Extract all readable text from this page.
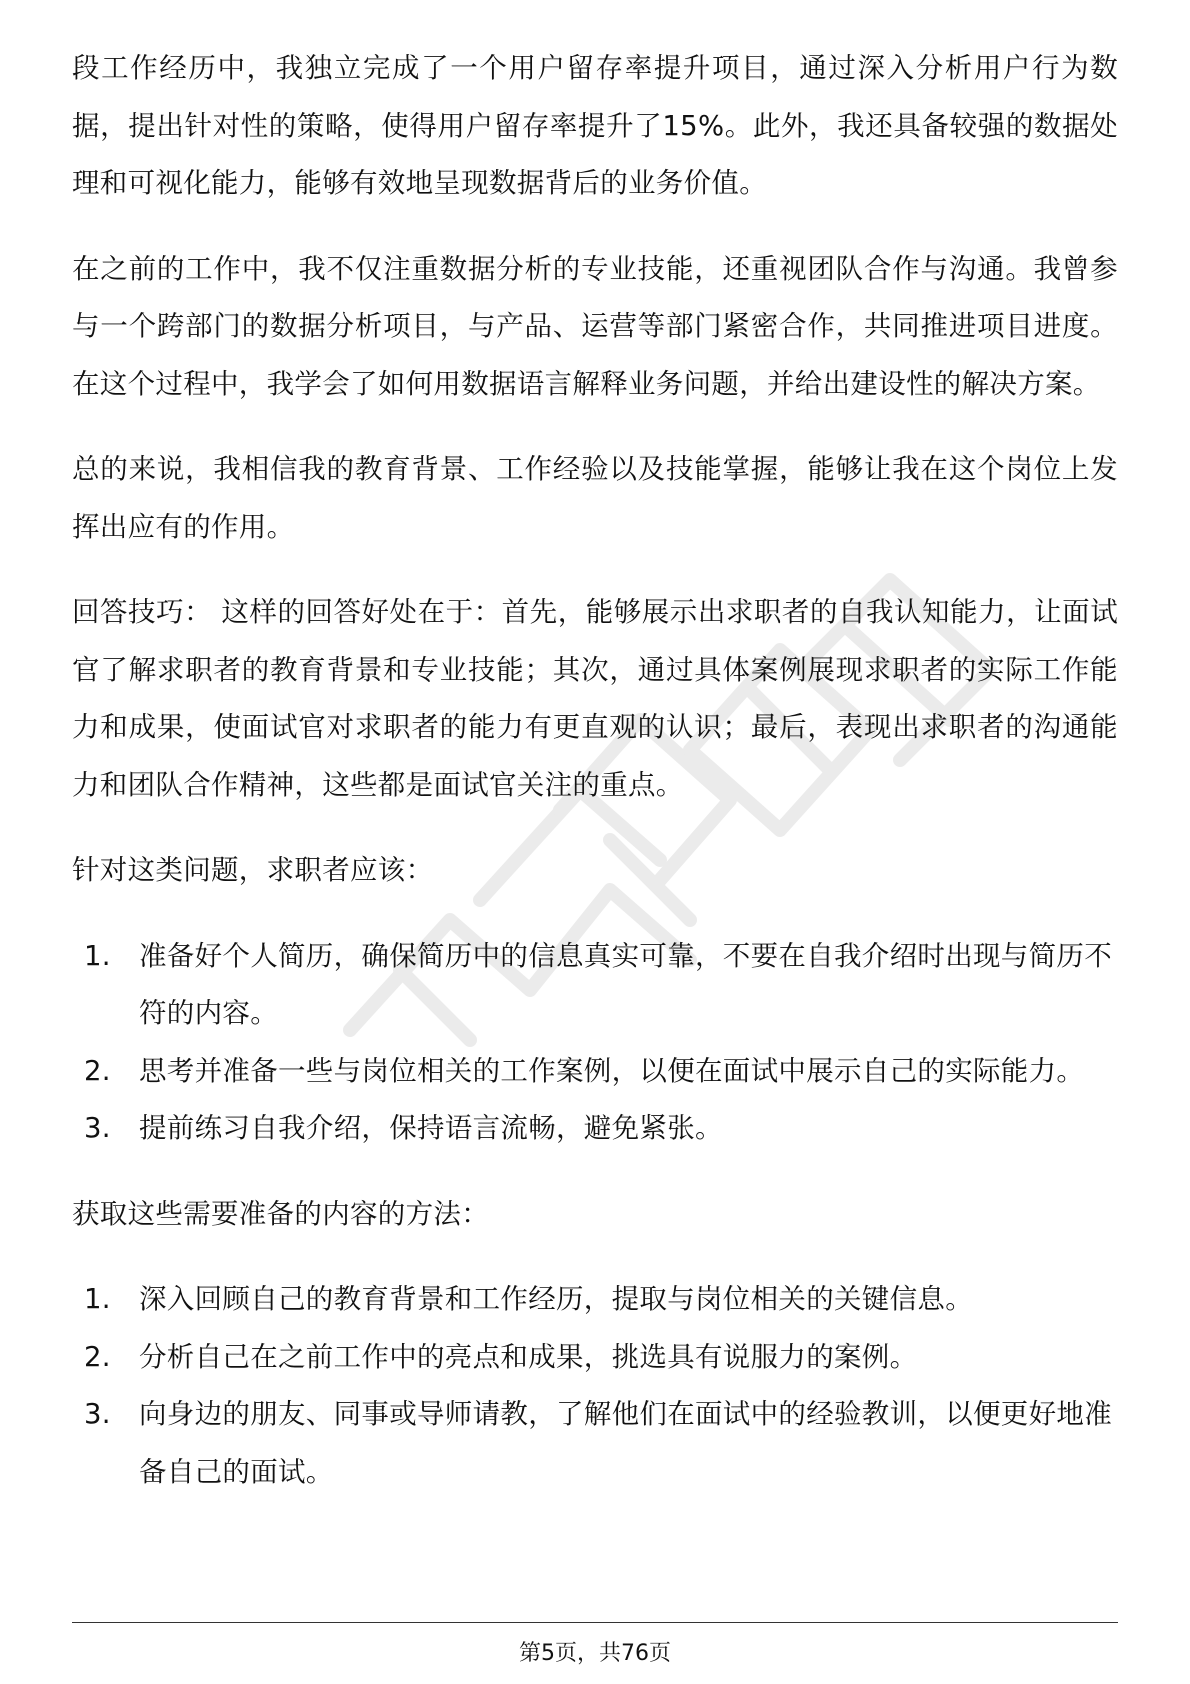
段工作经历中，我独立完成了一个用户留存率提升项目，通过深入分析用户行为数据，提出针对性的策略，使得用户留存率提升了15%。此外，我还具备较强的数据处理和可视化能力，能够有效地呈现数据背后的业务价值。

在之前的工作中，我不仅注重数据分析的专业技能，还重视团队合作与沟通。我曾参与一个跨部门的数据分析项目，与产品、运营等部门紧密合作，共同推进项目进度。在这个过程中，我学会了如何用数据语言解释业务问题，并给出建设性的解决方案。

总的来说，我相信我的教育背景、工作经验以及技能掌握，能够让我在这个岗位上发挥出应有的作用。

回答技巧： 这样的回答好处在于：首先，能够展示出求职者的自我认知能力，让面试官了解求职者的教育背景和专业技能；其次，通过具体案例展现求职者的实际工作能力和成果，使面试官对求职者的能力有更直观的认识；最后，表现出求职者的沟通能力和团队合作精神，这些都是面试官关注的重点。

针对这类问题，求职者应该：

1.	准备好个人简历，确保简历中的信息真实可靠，不要在自我介绍时出现与简历不符的内容。
2.	思考并准备一些与岗位相关的工作案例，以便在面试中展示自己的实际能力。
3.	提前练习自我介绍，保持语言流畅，避免紧张。

获取这些需要准备的内容的方法：

1.	深入回顾自己的教育背景和工作经历，提取与岗位相关的关键信息。
2.	分析自己在之前工作中的亮点和成果，挑选具有说服力的案例。
3.	向身边的朋友、同事或导师请教，了解他们在面试中的经验教训，以便更好地准备自己的面试。
第5页，共76页
